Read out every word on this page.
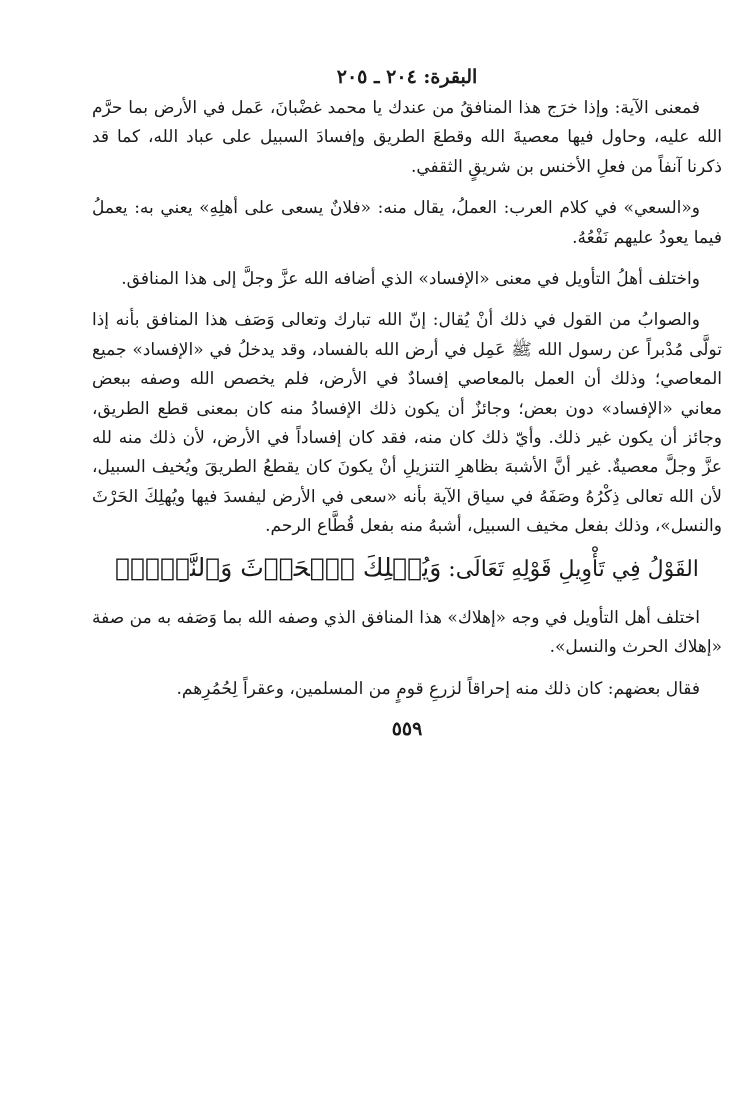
البقرة: ٢٠٤ ـ ٢٠٥

فمعنى الآية: وإذا خرَج هذا المنافقُ من عندك يا محمد غضْبانَ، عَمل في الأرض بما حرَّم الله عليه، وحاول فيها معصيةَ الله وقطعَ الطريق وإفسادَ السبيل على عباد الله، كما قد ذكرنا آنفاً من فعلِ الأخنس بن شريقٍ الثقفي.

و«السعي» في كلام العرب: العملُ، يقال منه: «فلانٌ يسعى على أهلِهِ» يعني به: يعملُ فيما يعودُ عليهم نَفْعُهُ.

واختلف أهلُ التأويل في معنى «الإفساد» الذي أضافه الله عزَّ وجلَّ إلى هذا المنافق.

والصوابُ من القول في ذلك أنْ يُقال: إنّ الله تبارك وتعالى وَصَف هذا المنافق بأنه إذا تولَّى مُدْبراً عن رسول الله ﷺ عَمِل في أرض الله بالفساد، وقد يدخلُ في «الإفساد» جميع المعاصي؛ وذلك أن العمل بالمعاصي إفسادٌ في الأرض، فلم يخصص الله وصفه ببعض معاني «الإفساد» دون بعض؛ وجائزٌ أن يكون ذلك الإفسادُ منه كان بمعنى قطع الطريق، وجائز أن يكون غير ذلك. وأيّ ذلك كان منه، فقد كان إفساداً في الأرض، لأن ذلك منه لله عزَّ وجلَّ معصيةٌ. غير أنَّ الأشبهَ بظاهرِ التنزيلِ أنْ يكونَ كان يقطعُ الطريقَ ويُخيف السبيل، لأن الله تعالى ذِكْرُهُ وصَفَهُ في سياق الآية بأنه «سعى في الأرض ليفسدَ فيها ويُهلِكَ الحَرْثَ والنسل»، وذلك بفعل مخيف السبيل، أشبهُ منه بفعل قُطَّاع الرحم.

القَوْلُ فِي تَأْوِيلِ قَوْلِهِ تَعَالَى: وَيُهۡلِكَ ٱلۡحَرۡثَ وَٱلنَّسۡلَۗ

اختلف أهل التأويل في وجه «إهلاك» هذا المنافق الذي وصفه الله بما وَصَفه به من صفة «إهلاك الحرث والنسل».

فقال بعضهم: كان ذلك منه إحراقاً لزرعِ قومٍ من المسلمين، وعقراً لِحُمُرِهم.

٥٥٩
